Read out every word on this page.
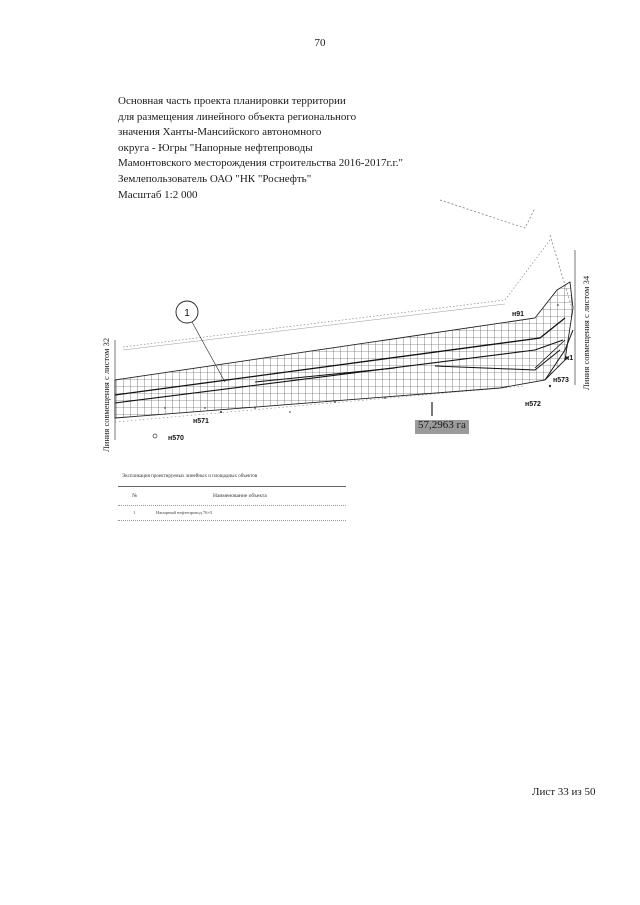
70
Основная часть проекта планировки территории
для размещения линейного объекта регионального
значения Ханты-Мансийского автономного
округа - Югры "Напорные нефтепроводы
Мамонтовского месторождения строительства 2016-2017г.г."
Землепользователь ОАО "НК "Роснефть"
Масштаб 1:2 000
1	н91
н573
н572
н571
н570
н1
Линия совмещения с листом 32
Линия совмещения с листом 34
57,2963 га
Экспликация проектируемых линейных и площадных объектов
№	Наименование объекта
1	Напорный нефтепровод 76×5
Лист 33 из 50
